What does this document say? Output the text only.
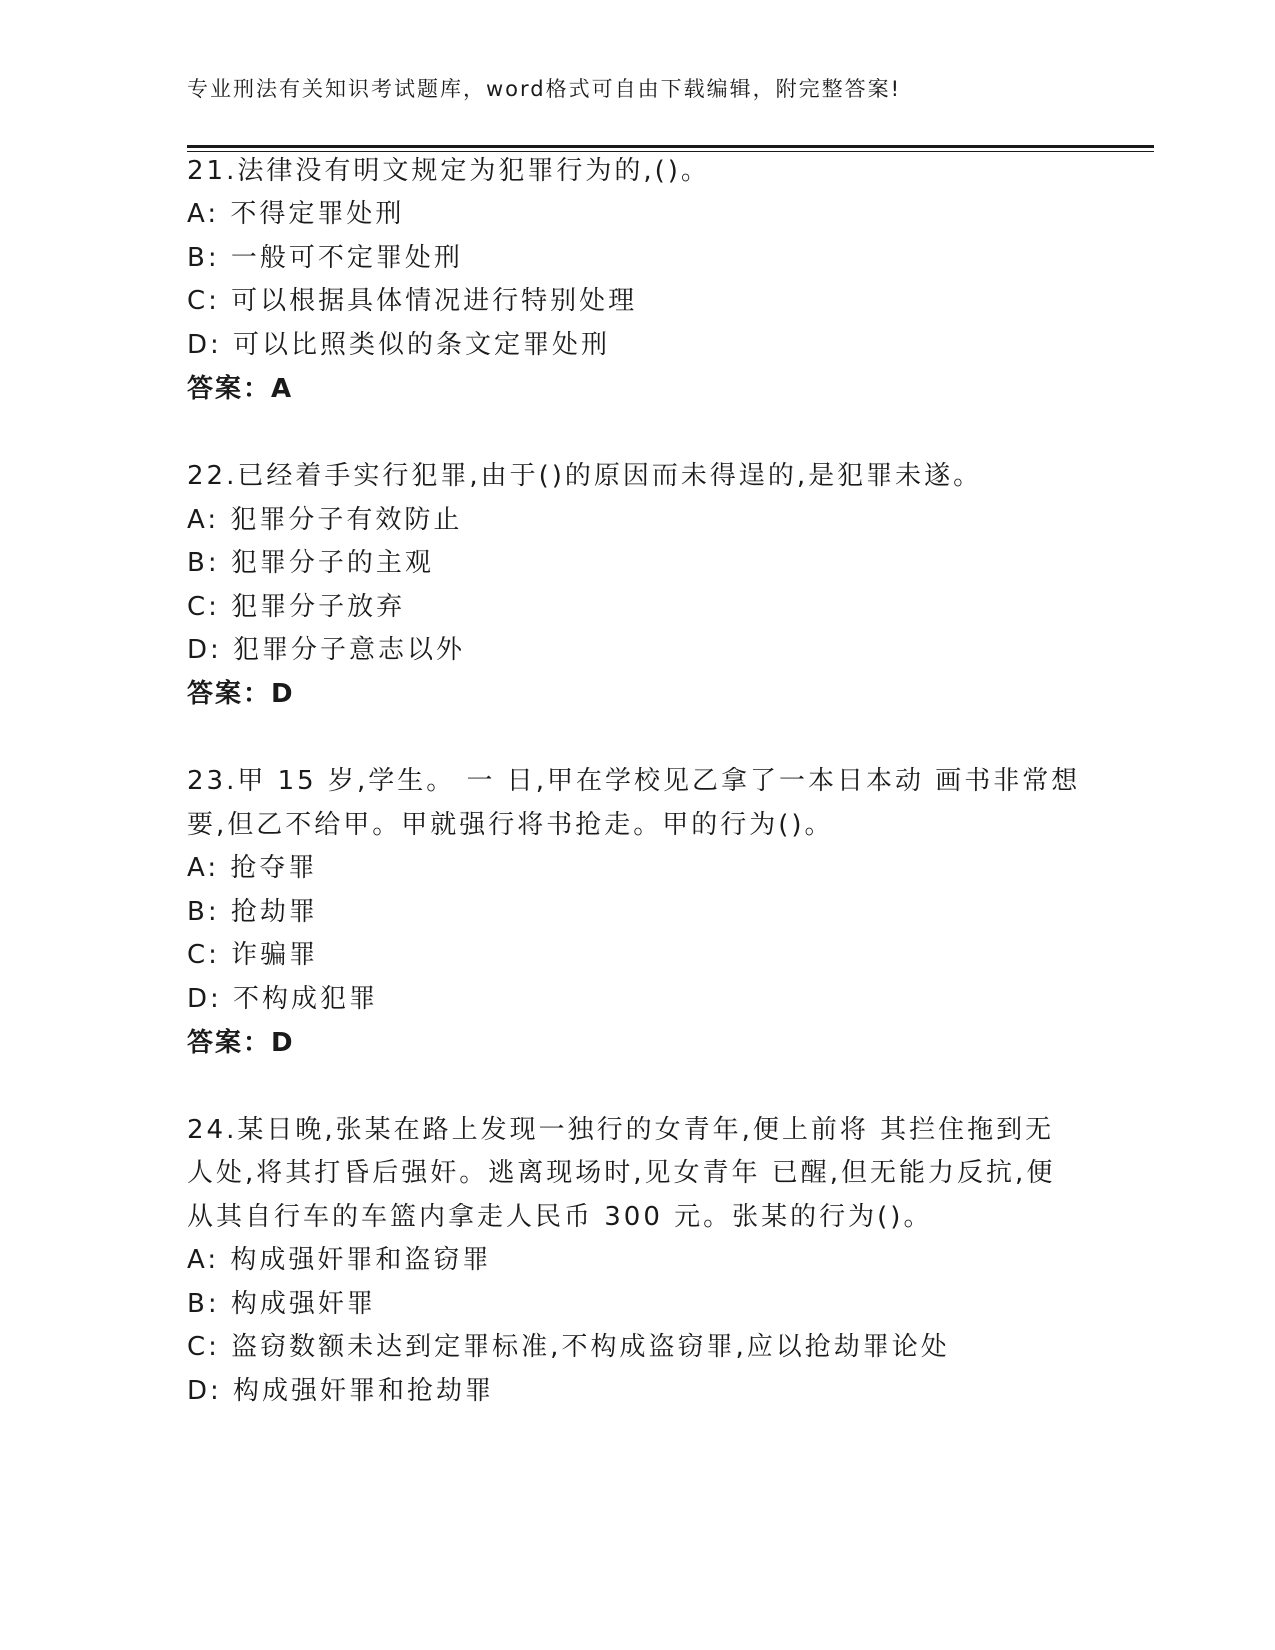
专业刑法有关知识考试题库，word格式可自由下载编辑，附完整答案!
21.法律没有明文规定为犯罪行为的,()。
A: 不得定罪处刑
B: 一般可不定罪处刑
C: 可以根据具体情况进行特别处理
D: 可以比照类似的条文定罪处刑
答案：A
22.已经着手实行犯罪,由于()的原因而未得逞的,是犯罪未遂。
A: 犯罪分子有效防止
B: 犯罪分子的主观
C: 犯罪分子放弃
D: 犯罪分子意志以外
答案：D
23.甲 15 岁,学生。 一 日,甲在学校见乙拿了一本日本动 画书非常想
要,但乙不给甲。甲就强行将书抢走。甲的行为()。
A: 抢夺罪
B: 抢劫罪
C: 诈骗罪
D: 不构成犯罪
答案：D
24.某日晚,张某在路上发现一独行的女青年,便上前将 其拦住拖到无
人处,将其打昏后强奸。逃离现场时,见女青年 已醒,但无能力反抗,便
从其自行车的车篮内拿走人民币 300 元。张某的行为()。
A: 构成强奸罪和盗窃罪
B: 构成强奸罪
C: 盗窃数额未达到定罪标准,不构成盗窃罪,应以抢劫罪论处
D: 构成强奸罪和抢劫罪
